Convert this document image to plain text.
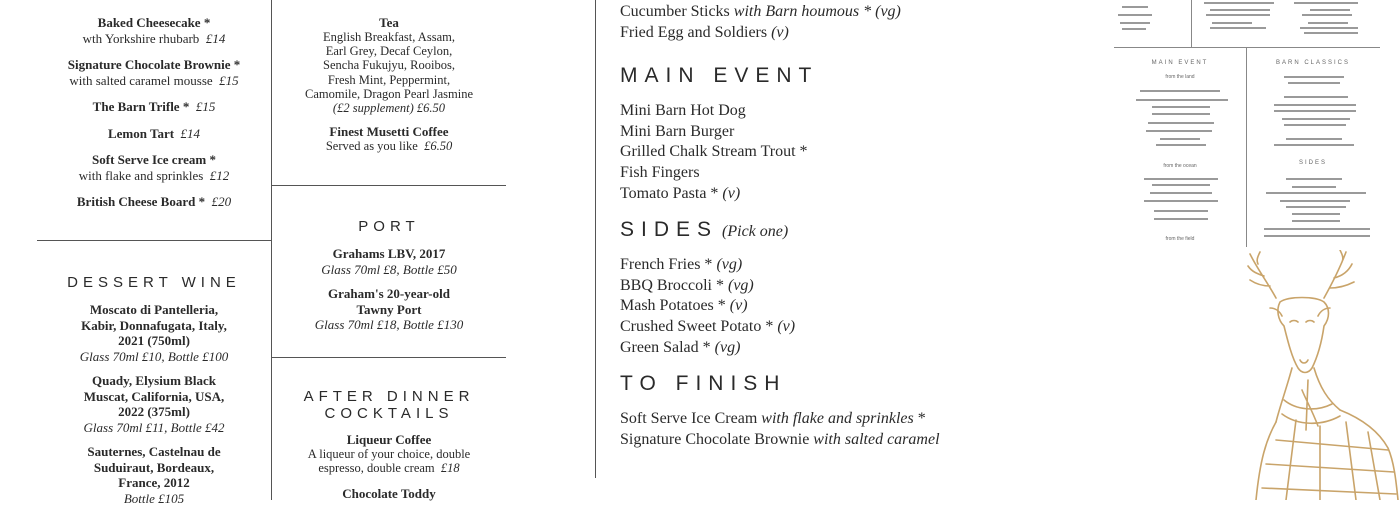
Baked Cheesecake *
wth Yorkshire rhubarb £14
Signature Chocolate Brownie *
with salted caramel mousse £15
The Barn Trifle * £15
Lemon Tart £14
Soft Serve Ice cream *
with flake and sprinkles £12
British Cheese Board * £20
DESSERT WINE
Moscato di Pantelleria,
Kabir, Donnafugata, Italy,
2021 (750ml)
Glass 70ml £10, Bottle £100
Quady, Elysium Black
Muscat, California, USA,
2022 (375ml)
Glass 70ml £11, Bottle £42
Sauternes, Castelnau de
Suduiraut, Bordeaux,
France, 2012
Bottle £105
Tea
English Breakfast, Assam,
Earl Grey, Decaf Ceylon,
Sencha Fukujyu, Rooibos,
Fresh Mint, Peppermint,
Camomile, Dragon Pearl Jasmine
(£2 supplement) £6.50
Finest Musetti Coffee
Served as you like £6.50
PORT
Grahams LBV, 2017
Glass 70ml £8, Bottle £50
Graham's 20-year-old
Tawny Port
Glass 70ml £18, Bottle £130
AFTER DINNER
COCKTAILS
Liqueur Coffee
A liqueur of your choice, double
espresso, double cream £18
Chocolate Toddy
Cucumber Sticks with Barn houmous * (vg)
Fried Egg and Soldiers (v)
MAIN EVENT
Mini Barn Hot Dog
Mini Barn Burger
Grilled Chalk Stream Trout *
Fish Fingers
Tomato Pasta * (v)
SIDES (Pick one)
French Fries * (vg)
BBQ Broccoli * (vg)
Mash Potatoes * (v)
Crushed Sweet Potato * (v)
Green Salad * (vg)
TO FINISH
Soft Serve Ice Cream with flake and sprinkles *
Signature Chocolate Brownie with salted caramel
MAIN EVENT
from the land
from the ocean
from the field
BARN CLASSICS
SIDES
